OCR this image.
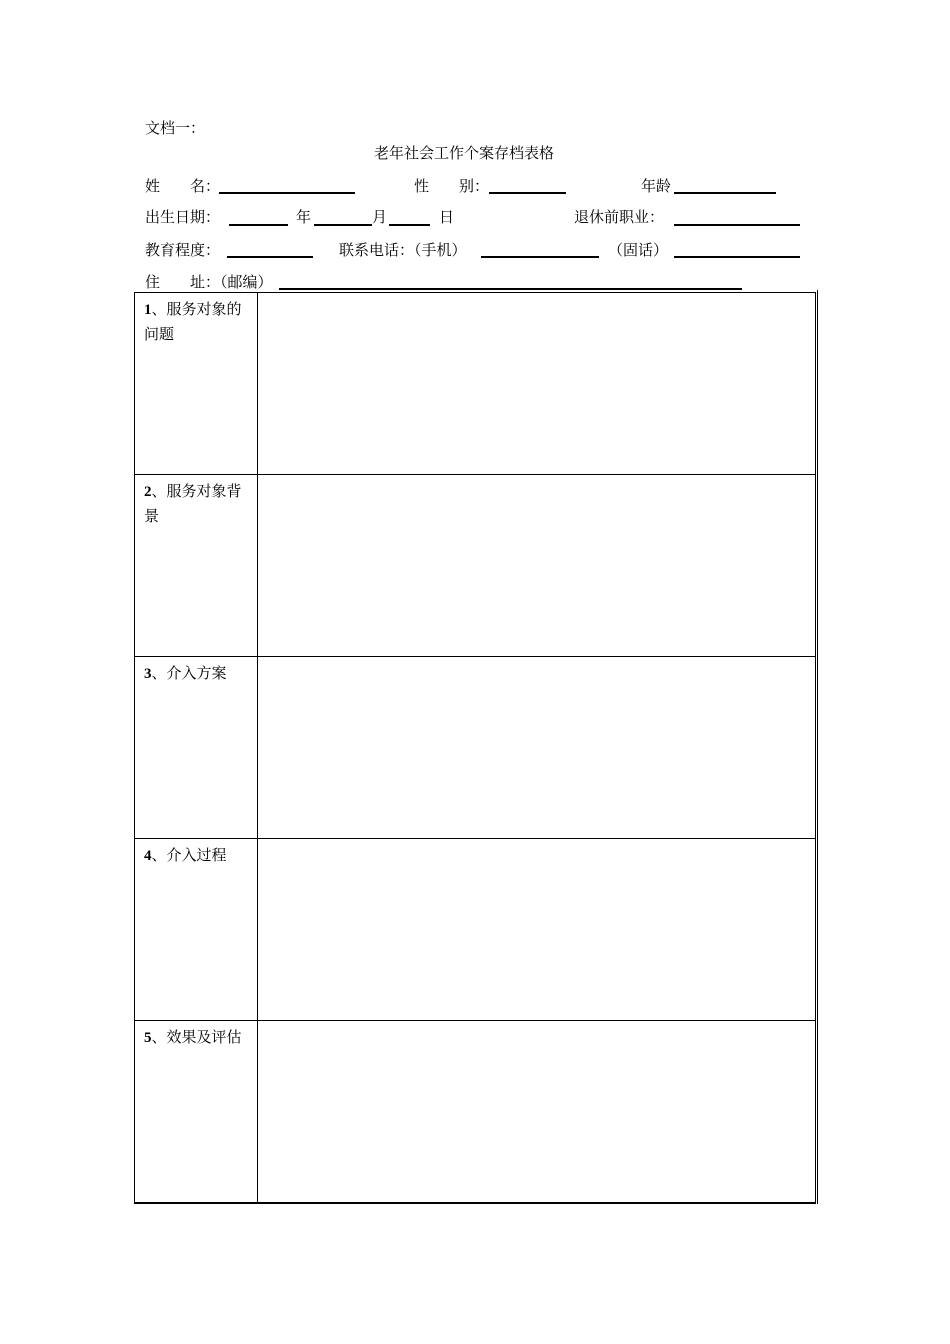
文档一：
老年社会工作个案存档表格
姓　　名：	性　　别：	年龄
出生日期：	年	月	日	退休前职业：
教育程度：	联系电话：（手机）	（固话）
住　　址：（邮编）
1、服务对象的问题	

2、服务对象背景	

3、介入方案	

4、介入过程	

5、效果及评估	
